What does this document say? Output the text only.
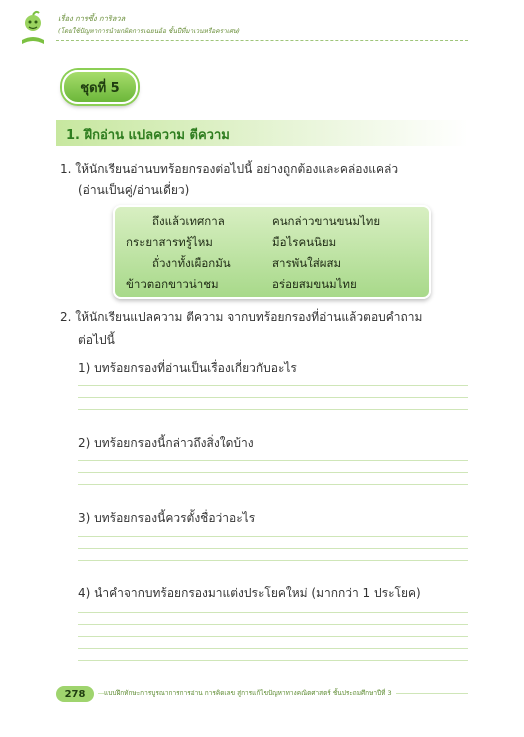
เรื่อง การซึ้ง การิลวล
(โดยใช้ปัญหาการนำยกผิดการเฉยนอ้อ ชั้นปีที่มาเวนหรือคราเศษ)
ชุดที่ 5
1. ฝึกอ่าน แปลความ ตีความ
1. ให้นักเรียนอ่านบทร้อยกรองต่อไปนี้ อย่างถูกต้องและคล่องแคล่ว
(อ่านเป็นคู่/อ่านเดี่ยว)
ถึงแล้วเทศกาล
กระยาสารทรู้ไหม
ถั่วงาทั้งเผือกมัน
ข้าวตอกขาวน่าชม
คนกล่าวขานขนมไทย
มือไรคนนิยม
สารพันใส่ผสม
อร่อยสมขนมไทย
2. ให้นักเรียนแปลความ ตีความ จากบทร้อยกรองที่อ่านแล้วตอบคำถาม
ต่อไปนี้
1) บทร้อยกรองที่อ่านเป็นเรื่องเกี่ยวกับอะไร
2) บทร้อยกรองนี้กล่าวถึงสิ่งใดบ้าง
3) บทร้อยกรองนี้ควรตั้งชื่อว่าอะไร
4) นำคำจากบทร้อยกรองมาแต่งประโยคใหม่ (มากกว่า 1 ประโยค)
278	แบบฝึกทักษะการบูรณาการการอ่าน การคิดเลข สู่การแก้ไขปัญหาทางคณิตศาสตร์ ชั้นประถมศึกษาปีที่ 3
